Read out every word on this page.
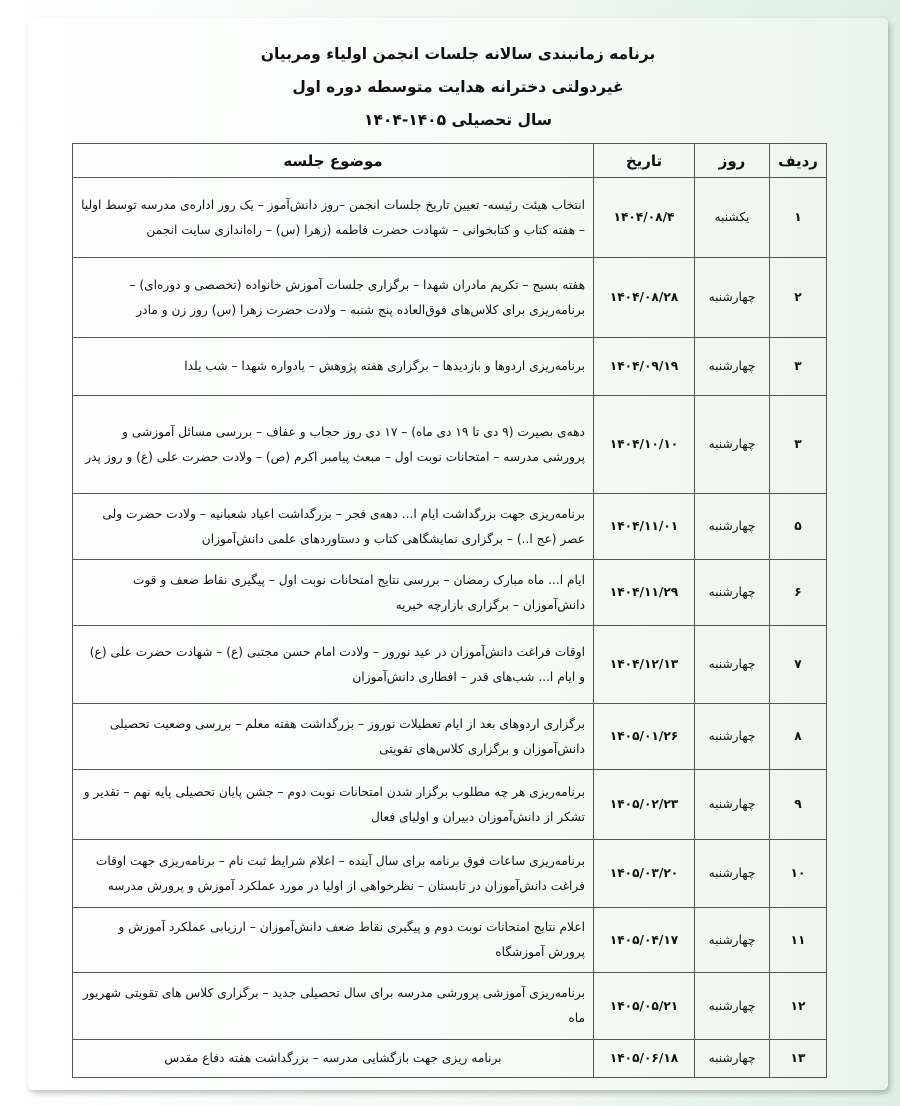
برنامه زمانبندی سالانه جلسات انجمن اولیاء ومربیان
غیردولتی دخترانه هدایت متوسطه دوره اول
سال تحصیلی ۱۴۰۵-۱۴۰۴
ردیف	روز	تاریخ	موضوع جلسه
۱	یکشنبه	۱۴۰۴/۰۸/۴	انتخاب هیئت رئیسه- تعیین تاریخ جلسات انجمن –روز دانش‌آموز – یک روز اداره‌ی مدرسه توسط اولیا – هفته کتاب و کتابخوانی – شهادت حضرت فاطمه (زهرا (س) – راه‌اندازی سایت انجمن
۲	چهارشنبه	۱۴۰۴/۰۸/۲۸	هفته بسیج – تکریم مادران شهدا – برگزاری جلسات آموزش خانواده (تخصصی و دوره‌ای) – برنامه‌ریزی برای کلاس‌های فوق‌العاده پنج شنبه – ولادت حضرت زهرا (س) روز زن و مادر
۳	چهارشنبه	۱۴۰۴/۰۹/۱۹	برنامه‌ریزی اردوها و بازدیدها – برگزاری هفته پژوهش – یادواره شهدا – شب یلدا
۳	چهارشنبه	۱۴۰۴/۱۰/۱۰	دهه‌ی بصیرت (۹ دی تا ۱۹ دی ماه) – ۱۷ دی روز حجاب و عفاف – بررسی مسائل آموزشی و پرورشی مدرسه – امتحانات نوبت اول – مبعث پیامبر اکرم (ص) – ولادت حضرت علی (ع) و روز پدر
۵	چهارشنبه	۱۴۰۴/۱۱/۰۱	برنامه‌ریزی جهت بزرگداشت ایام ا... دهه‌ی فجر – بزرگداشت اعیاد شعبانیه – ولادت حضرت ولی عصر (عج ا..) – برگزاری نمایشگاهی کتاب و دستاوردهای علمی دانش‌آموزان
۶	چهارشنبه	۱۴۰۴/۱۱/۲۹	ایام ا... ماه مبارک رمضان – بررسی نتایج امتحانات نوبت اول – پیگیری نقاط ضعف و قوت دانش‌آموزان – برگزاری بازارچه خیریه
۷	چهارشنبه	۱۴۰۴/۱۲/۱۳	اوقات فراغت دانش‌آموزان در عید نوروز – ولادت امام حسن مجتبی (ع) – شهادت حضرت علی (ع) و ایام ا... شب‌های قدر – افطاری دانش‌آموزان
۸	چهارشنبه	۱۴۰۵/۰۱/۲۶	برگزاری اردوهای بعد از ایام تعطیلات نوروز – بزرگداشت هفته معلم – بررسی وضعیت تحصیلی دانش‌آموزان و برگزاری کلاس‌های تقویتی
۹	چهارشنبه	۱۴۰۵/۰۲/۲۳	برنامه‌ریزی هر چه مطلوب برگزار شدن امتحانات نوبت دوم – جشن پایان تحصیلی پایه نهم – تقدیر و تشکر از دانش‌آموزان دبیران و اولیای فعال
۱۰	چهارشنبه	۱۴۰۵/۰۳/۲۰	برنامه‌ریزی ساعات فوق برنامه برای سال آینده – اعلام شرایط ثبت نام – برنامه‌ریزی جهت اوقات فراغت دانش‌آموزان در تابستان – نظرخواهی از اولیا در مورد عملکرد آموزش و پرورش مدرسه
۱۱	چهارشنبه	۱۴۰۵/۰۴/۱۷	اعلام نتایج امتحانات نوبت دوم و پیگیری نقاط ضعف دانش‌آموزان – ارزیابی عملکرد آموزش و پرورش آموزشگاه
۱۲	چهارشنبه	۱۴۰۵/۰۵/۲۱	برنامه‌ریزی آموزشی پرورشی مدرسه برای سال تحصیلی جدید – برگزاری کلاس های تقویتی شهریور ماه
۱۳	چهارشنبه	۱۴۰۵/۰۶/۱۸	برنامه ریزی جهت بازگشایی مدرسه – بزرگداشت هفته دفاع مقدس
